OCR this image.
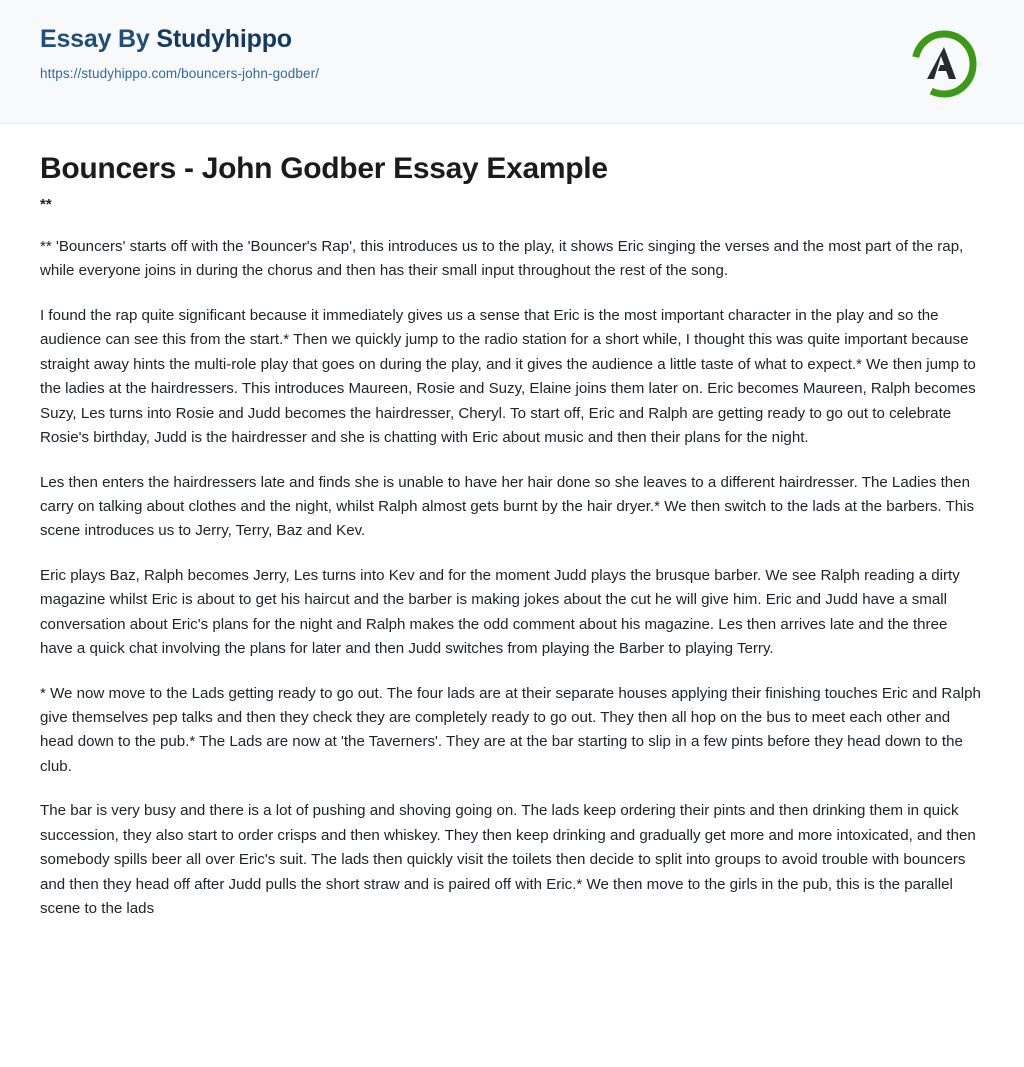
Essay By Studyhippo
https://studyhippo.com/bouncers-john-godber/
Bouncers - John Godber Essay Example
**

** 'Bouncers' starts off with the 'Bouncer's Rap', this introduces us to the play, it shows Eric singing the verses and the most part of the rap, while everyone joins in during the chorus and then has their small input throughout the rest of the song.

I found the rap quite significant because it immediately gives us a sense that Eric is the most important character in the play and so the audience can see this from the start.* Then we quickly jump to the radio station for a short while, I thought this was quite important because straight away hints the multi-role play that goes on during the play, and it gives the audience a little taste of what to expect.* We then jump to the ladies at the hairdressers. This introduces Maureen, Rosie and Suzy, Elaine joins them later on. Eric becomes Maureen, Ralph becomes Suzy, Les turns into Rosie and Judd becomes the hairdresser, Cheryl. To start off, Eric and Ralph are getting ready to go out to celebrate Rosie's birthday, Judd is the hairdresser and she is chatting with Eric about music and then their plans for the night.

Les then enters the hairdressers late and finds she is unable to have her hair done so she leaves to a different hairdresser. The Ladies then carry on talking about clothes and the night, whilst Ralph almost gets burnt by the hair dryer.* We then switch to the lads at the barbers. This scene introduces us to Jerry, Terry, Baz and Kev.

Eric plays Baz, Ralph becomes Jerry, Les turns into Kev and for the moment Judd plays the brusque barber. We see Ralph reading a dirty magazine whilst Eric is about to get his haircut and the barber is making jokes about the cut he will give him. Eric and Judd have a small conversation about Eric's plans for the night and Ralph makes the odd comment about his magazine. Les then arrives late and the three have a quick chat involving the plans for later and then Judd switches from playing the Barber to playing Terry.

* We now move to the Lads getting ready to go out. The four lads are at their separate houses applying their finishing touches Eric and Ralph give themselves pep talks and then they check they are completely ready to go out. They then all hop on the bus to meet each other and head down to the pub.* The Lads are now at 'the Taverners'. They are at the bar starting to slip in a few pints before they head down to the club.

The bar is very busy and there is a lot of pushing and shoving going on. The lads keep ordering their pints and then drinking them in quick succession, they also start to order crisps and then whiskey. They then keep drinking and gradually get more and more intoxicated, and then somebody spills beer all over Eric's suit. The lads then quickly visit the toilets then decide to split into groups to avoid trouble with bouncers and then they head off after Judd pulls the short straw and is paired off with Eric.* We then move to the girls in the pub, this is the parallel scene to the lads
